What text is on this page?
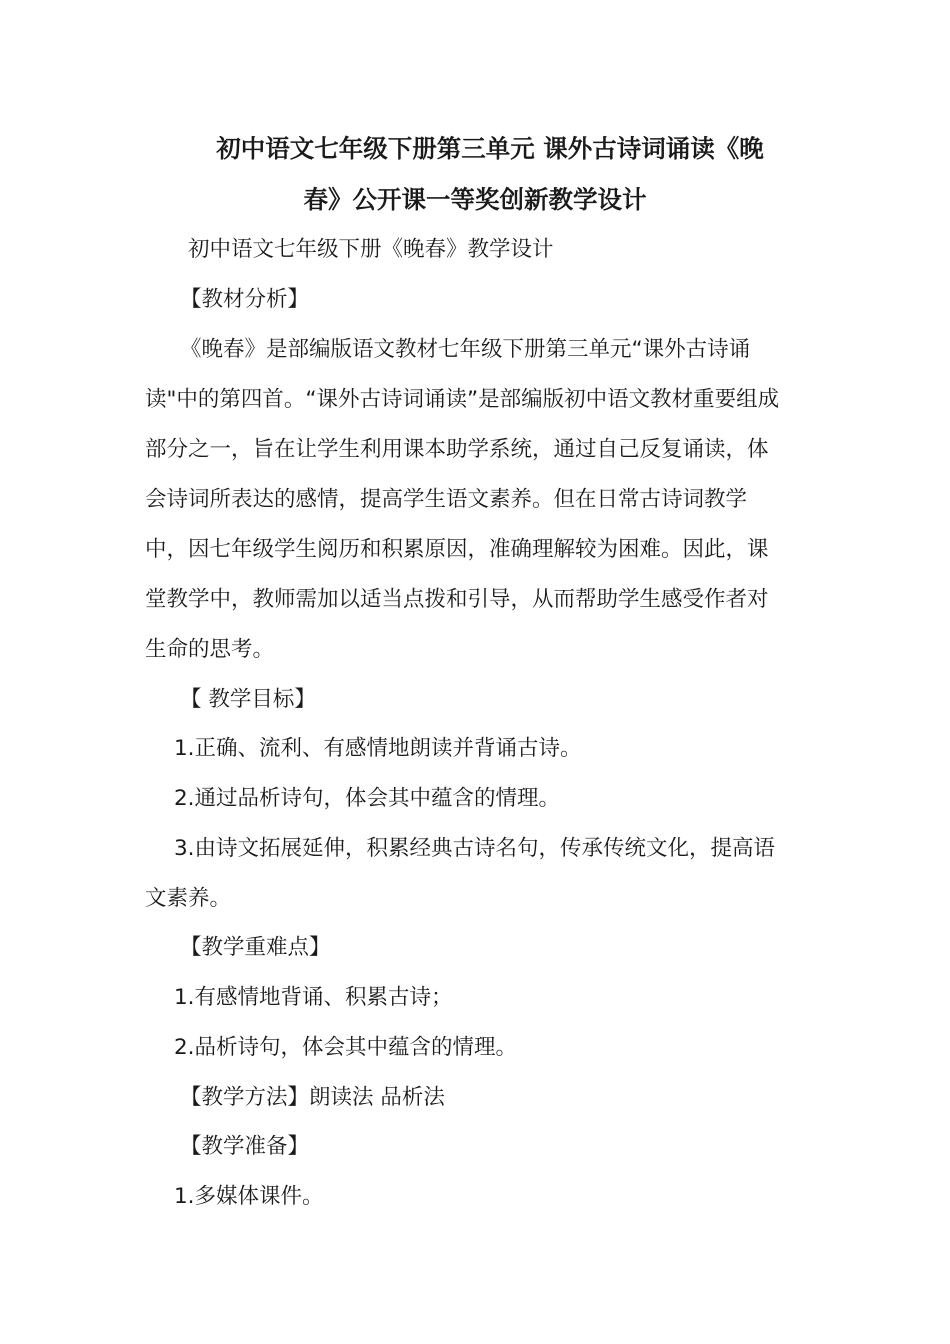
初中语文七年级下册第三单元 课外古诗词诵读《晚
春》公开课一等奖创新教学设计
初中语文七年级下册《晚春》教学设计
【教材分析】
《晚春》是部编版语文教材七年级下册第三单元“课外古诗诵
读"中的第四首。“课外古诗词诵读”是部编版初中语文教材重要组成
部分之一，旨在让学生利用课本助学系统，通过自己反复诵读，体
会诗词所表达的感情，提高学生语文素养。但在日常古诗词教学
中，因七年级学生阅历和积累原因，准确理解较为困难。因此，课
堂教学中，教师需加以适当点拨和引导，从而帮助学生感受作者对
生命的思考。
【 教学目标】
1.正确、流利、有感情地朗读并背诵古诗。
2.通过品析诗句，体会其中蕴含的情理。
3.由诗文拓展延伸，积累经典古诗名句，传承传统文化，提高语
文素养。
【教学重难点】
1.有感情地背诵、积累古诗；
2.品析诗句，体会其中蕴含的情理。
【教学方法】朗读法 品析法
【教学准备】
1.多媒体课件。
